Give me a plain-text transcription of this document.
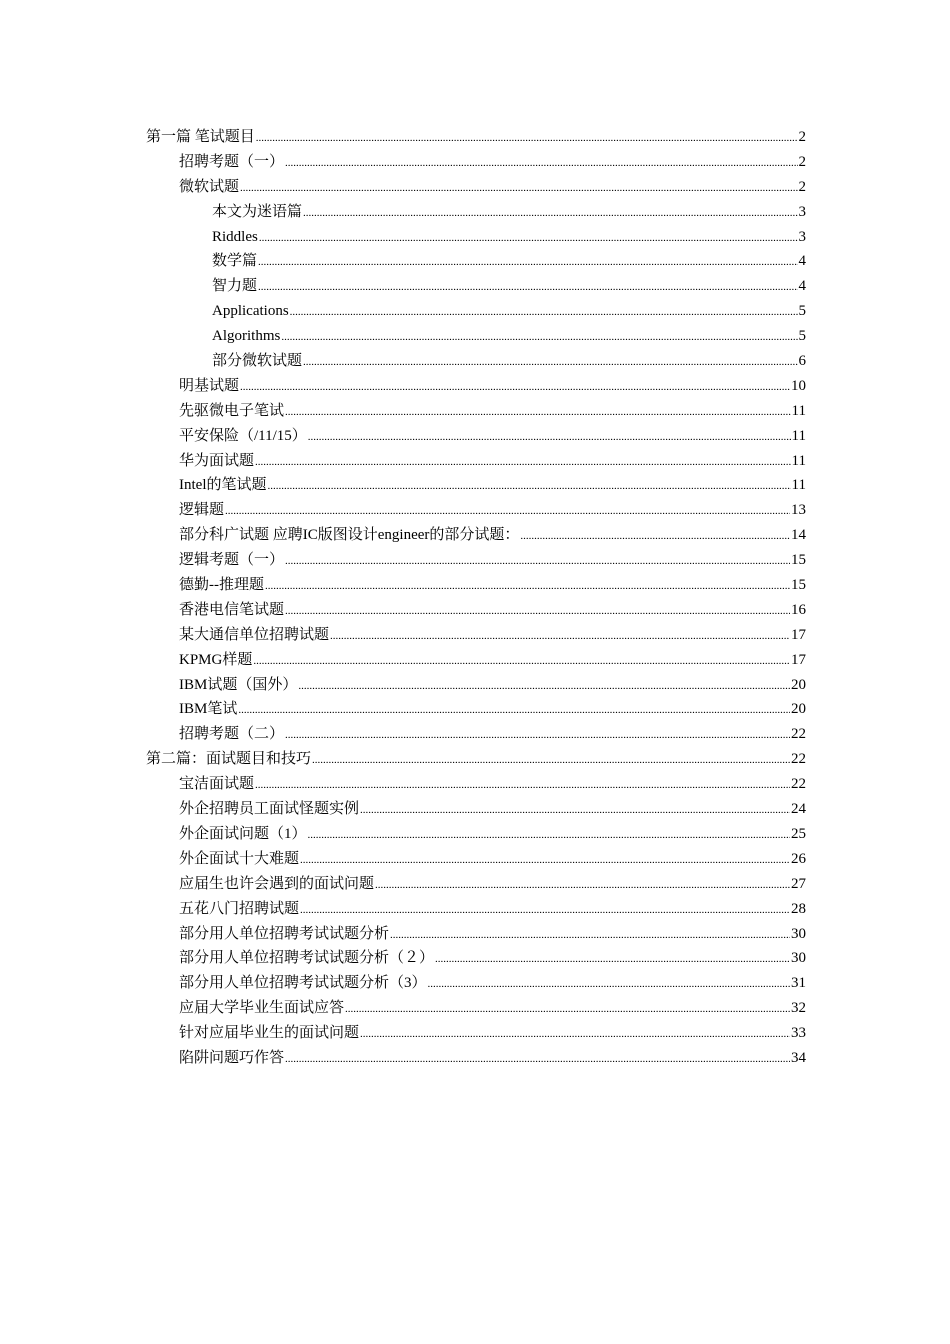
第一篇 笔试题目 .....	2
招聘考题（一） .....	2
微软试题 .....	2
本文为迷语篇 .....	3
Riddles .....	3
数学篇 .....	4
智力题 .....	4
Applications .....	5
Algorithms .....	5
部分微软试题 .....	6
明基试题 .....	10
先驱微电子笔试 .....	11
平安保险（/11/15） .....	11
华为面试题 .....	11
Intel的笔试题 .....	11
逻辑题 .....	13
部分科广试题 应聘IC版图设计engineer的部分试题： .....	14
逻辑考题（一） .....	15
德勤--推理题 .....	15
香港电信笔试题 .....	16
某大通信单位招聘试题 .....	17
KPMG样题 .....	17
IBM试题（国外） .....	20
IBM笔试 .....	20
招聘考题（二） .....	22
第二篇：面试题目和技巧 .....	22
宝洁面试题 .....	22
外企招聘员工面试怪题实例 .....	24
外企面试问题（1） .....	25
外企面试十大难题 .....	26
应届生也许会遇到的面试问题 .....	27
五花八门招聘试题 .....	28
部分用人单位招聘考试试题分析 .....	30
部分用人单位招聘考试试题分析（２） .....	30
部分用人单位招聘考试试题分析（3） .....	31
应届大学毕业生面试应答 .....	32
针对应届毕业生的面试问题 .....	33
陷阱问题巧作答 .....	34
